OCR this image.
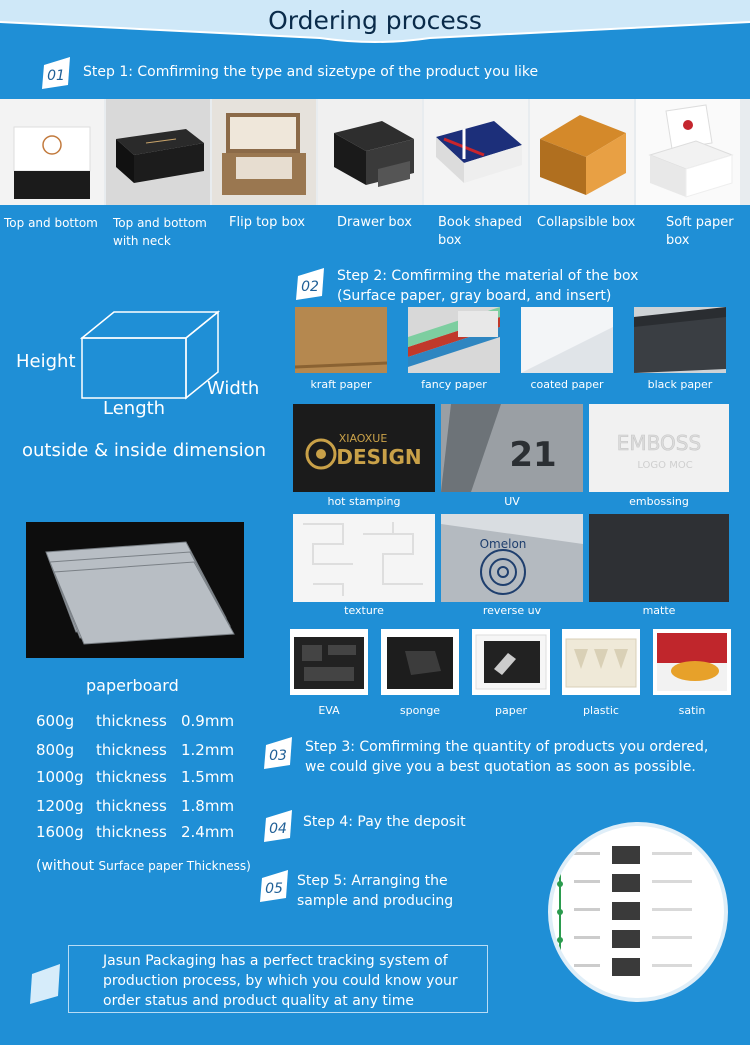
Ordering process
01 Step 1: Comfirming the type and sizetype of the product you like
Top and bottom	Top and bottom
with neck
Flip top box	Drawer box	Book shaped
box
Collapsible box	Soft paper
box
02
Step 2: Comfirming the material of the box
(Surface paper, gray board, and insert)
Height
Length
Width
outside & inside dimension
kraft paper	fancy paper	coated paper	black paper
XIAOXUE
DESIGN	21	EMBOSS
LOGO MOC
hot stamping	UV	embossing
Omelon
texture	reverse uv	matte
paperboard
600g thickness 0.9mm
800g thickness 1.2mm
1000g thickness 1.5mm
1200g thickness 1.8mm
1600g thickness 2.4mm
(without Surface paper Thickness)
EVA	sponge	paper	plastic	satin
03
Step 3: Comfirming the quantity of products you ordered,
we could give you a best quotation as soon as possible.
04 Step 4: Pay the deposit
05 Step 5: Arranging the
sample and producing
Jasun Packaging has a perfect tracking system of
production process, by which you could know your
order status and product quality at any time
